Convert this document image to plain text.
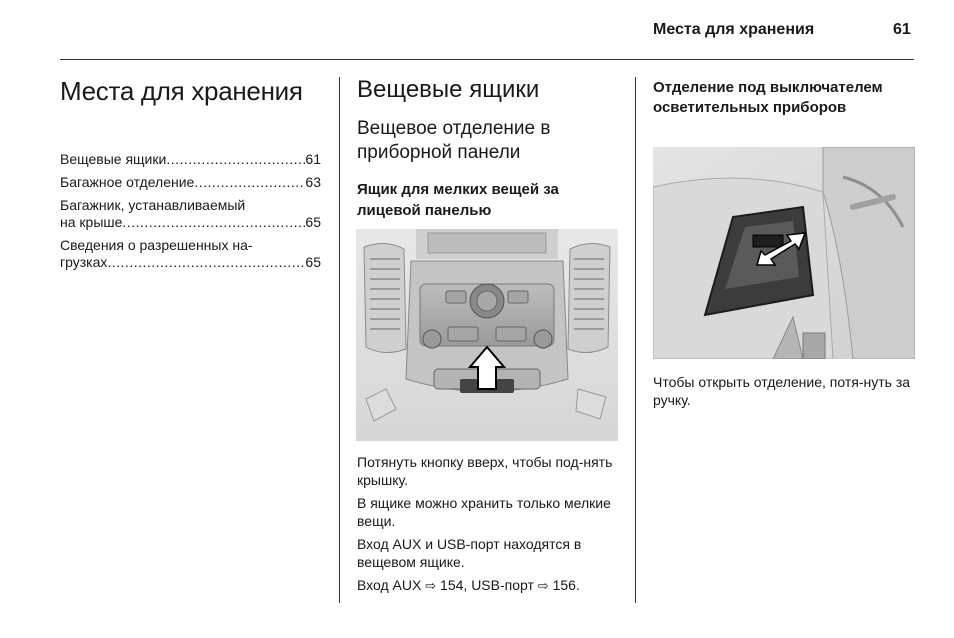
Места для хранения	61
Места для хранения
Вещевые ящики .....	61
Багажное отделение .....	63
Багажник, устанавливаемый
на крыше .....	65
Сведения о разрешенных на-
грузках .....	65
Вещевые ящики
Вещевое отделение в приборной панели
Ящик для мелких вещей за лицевой панелью

Потянуть кнопку вверх, чтобы под-нять крышку.

В ящике можно хранить только мелкие вещи.

Вход AUX и USB-порт находятся в вещевом ящике.

Вход AUX ⇨ 154, USB-порт ⇨ 156.

Отделение под выключателем осветительных приборов

Чтобы открыть отделение, потя-нуть за ручку.
